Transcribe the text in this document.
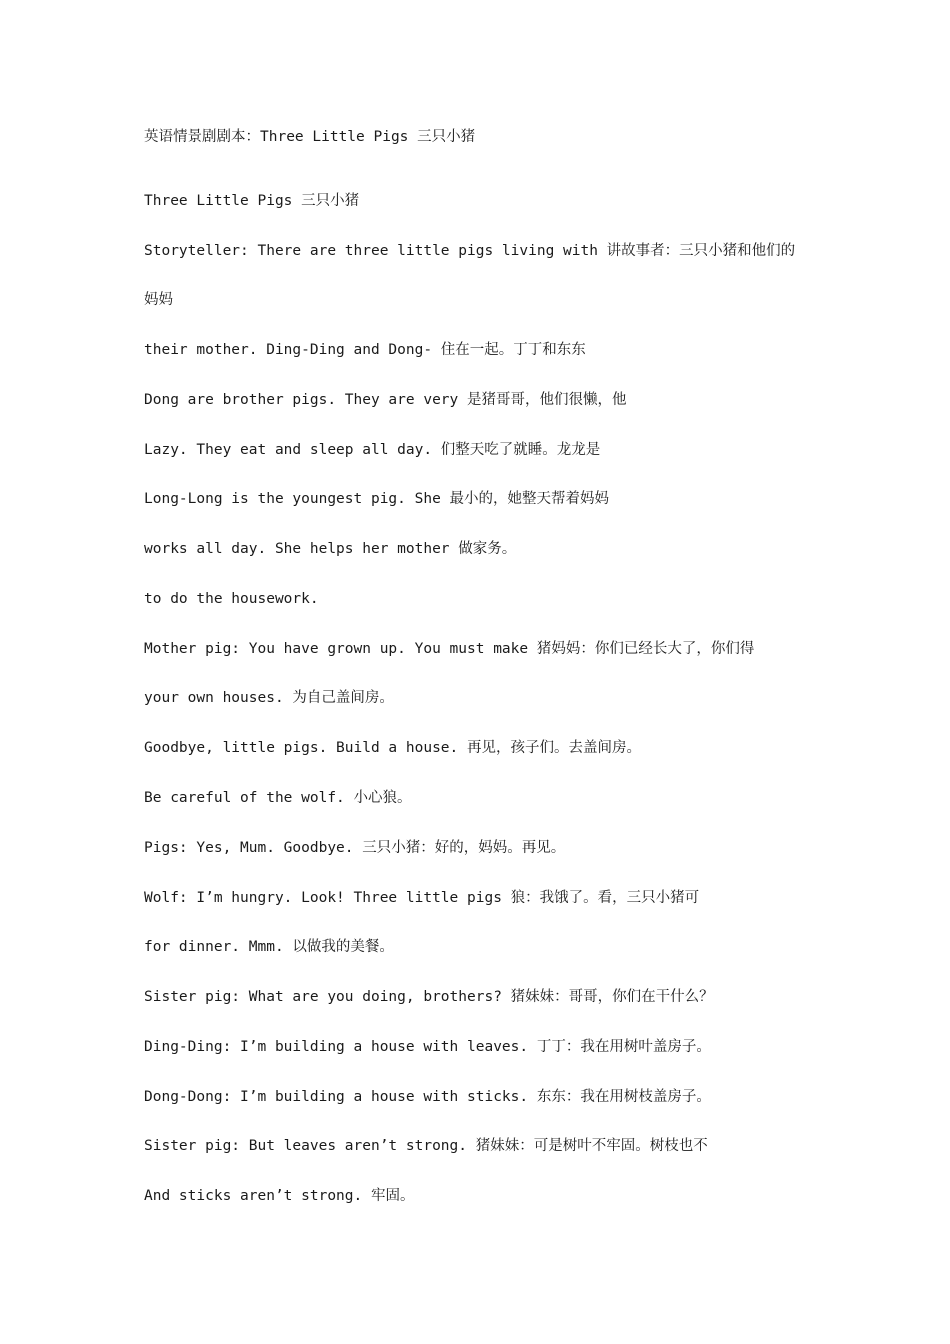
英语情景剧剧本：Three Little Pigs 三只小猪
Three Little Pigs 三只小猪
Storyteller: There are three little pigs living with 讲故事者：三只小猪和他们的
妈妈
their mother. Ding-Ding and Dong- 住在一起。丁丁和东东
Dong are brother pigs. They are very 是猪哥哥，他们很懒，他
Lazy. They eat and sleep all day. 们整天吃了就睡。龙龙是
Long-Long is the youngest pig. She 最小的，她整天帮着妈妈
works all day. She helps her mother 做家务。
to do the housework.
Mother pig: You have grown up. You must make 猪妈妈：你们已经长大了，你们得
your own houses. 为自己盖间房。
Goodbye, little pigs. Build a house. 再见，孩子们。去盖间房。
Be careful of the wolf. 小心狼。
Pigs: Yes, Mum. Goodbye. 三只小猪：好的，妈妈。再见。
Wolf: I’m hungry. Look! Three little pigs 狼：我饿了。看，三只小猪可
for dinner. Mmm. 以做我的美餐。
Sister pig: What are you doing, brothers? 猪妹妹：哥哥，你们在干什么？
Ding-Ding: I’m building a house with leaves. 丁丁：我在用树叶盖房子。
Dong-Dong: I’m building a house with sticks. 东东：我在用树枝盖房子。
Sister pig: But leaves aren’t strong. 猪妹妹：可是树叶不牢固。树枝也不
And sticks aren’t strong. 牢固。
